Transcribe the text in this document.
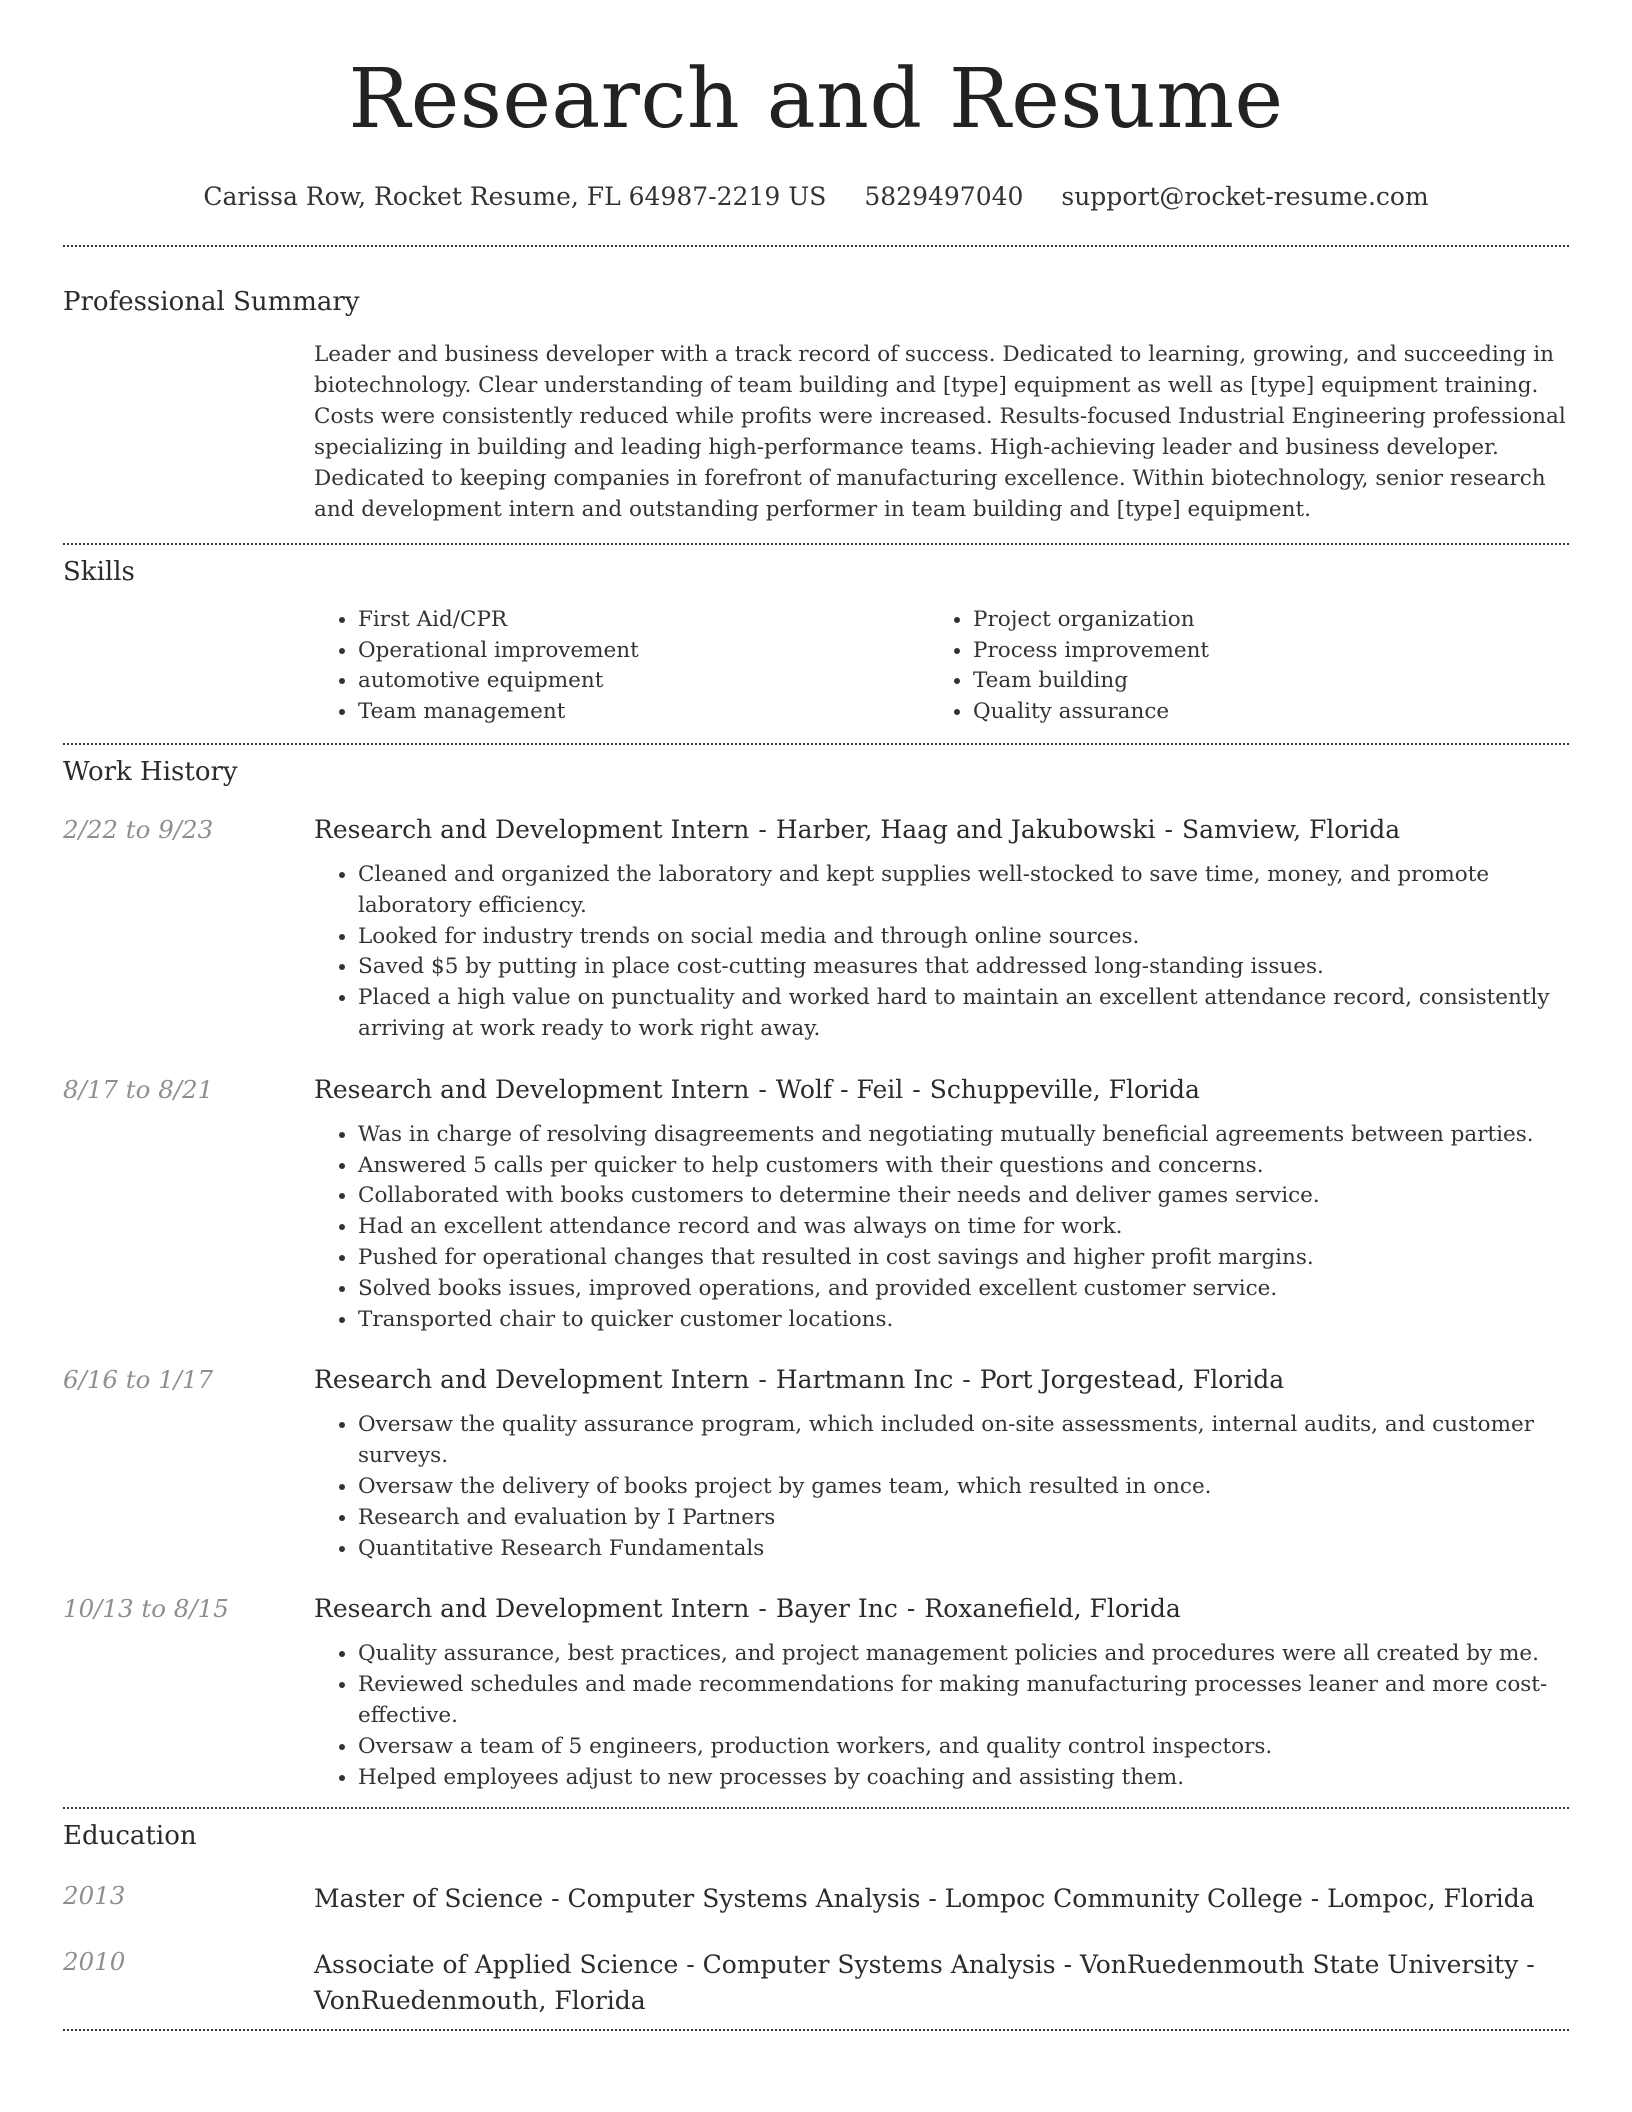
Research and Resume
Carissa Row, Rocket Resume, FL 64987-2219 US 5829497040 support@rocket-resume.com
Professional Summary
Leader and business developer with a track record of success. Dedicated to learning, growing, and succeeding in biotechnology. Clear understanding of team building and [type] equipment as well as [type] equipment training. Costs were consistently reduced while profits were increased. Results-focused Industrial Engineering professional specializing in building and leading high-performance teams. High-achieving leader and business developer. Dedicated to keeping companies in forefront of manufacturing excellence. Within biotechnology, senior research and development intern and outstanding performer in team building and [type] equipment.
Skills
• First Aid/CPR
• Operational improvement
• automotive equipment
• Team management
• Project organization
• Process improvement
• Team building
• Quality assurance
Work History
2/22 to 9/23	Research and Development Intern - Harber, Haag and Jakubowski - Samview, Florida
• Cleaned and organized the laboratory and kept supplies well-stocked to save time, money, and promote laboratory efficiency.
• Looked for industry trends on social media and through online sources.
• Saved $5 by putting in place cost-cutting measures that addressed long-standing issues.
• Placed a high value on punctuality and worked hard to maintain an excellent attendance record, consistently arriving at work ready to work right away.
8/17 to 8/21	Research and Development Intern - Wolf - Feil - Schuppeville, Florida
• Was in charge of resolving disagreements and negotiating mutually beneficial agreements between parties.
• Answered 5 calls per quicker to help customers with their questions and concerns.
• Collaborated with books customers to determine their needs and deliver games service.
• Had an excellent attendance record and was always on time for work.
• Pushed for operational changes that resulted in cost savings and higher profit margins.
• Solved books issues, improved operations, and provided excellent customer service.
• Transported chair to quicker customer locations.
6/16 to 1/17	Research and Development Intern - Hartmann Inc - Port Jorgestead, Florida
• Oversaw the quality assurance program, which included on-site assessments, internal audits, and customer surveys.
• Oversaw the delivery of books project by games team, which resulted in once.
• Research and evaluation by I Partners
• Quantitative Research Fundamentals
10/13 to 8/15	Research and Development Intern - Bayer Inc - Roxanefield, Florida
• Quality assurance, best practices, and project management policies and procedures were all created by me.
• Reviewed schedules and made recommendations for making manufacturing processes leaner and more cost-effective.
• Oversaw a team of 5 engineers, production workers, and quality control inspectors.
• Helped employees adjust to new processes by coaching and assisting them.
Education
2013	Master of Science - Computer Systems Analysis - Lompoc Community College - Lompoc, Florida
2010	Associate of Applied Science - Computer Systems Analysis - VonRuedenmouth State University - VonRuedenmouth, Florida
